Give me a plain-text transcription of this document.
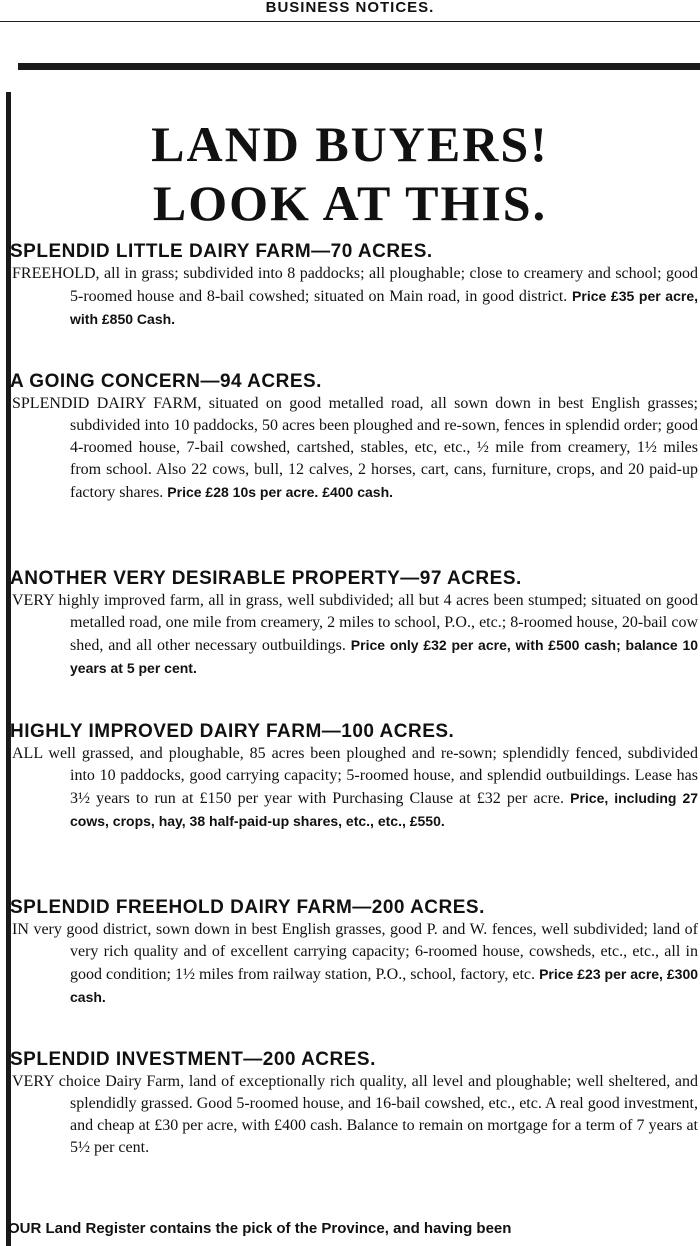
BUSINESS NOTICES.
LAND BUYERS!
LOOK AT THIS.
SPLENDID LITTLE DAIRY FARM—70 ACRES.
FREEHOLD, all in grass; subdivided into 8 paddocks; all ploughable; close to creamery and school; good 5-roomed house and 8-bail cowshed; situated on Main road, in good district. Price £35 per acre, with £850 Cash.
A GOING CONCERN—94 ACRES.
SPLENDID DAIRY FARM, situated on good metalled road, all sown down in best English grasses; subdivided into 10 paddocks, 50 acres been ploughed and re-sown, fences in splendid order; good 4-roomed house, 7-bail cowshed, cartshed, stables, etc, etc., ½ mile from creamery, 1½ miles from school. Also 22 cows, bull, 12 calves, 2 horses, cart, cans, furniture, crops, and 20 paid-up factory shares. Price £28 10s per acre. £400 cash.
ANOTHER VERY DESIRABLE PROPERTY—97 ACRES.
VERY highly improved farm, all in grass, well subdivided; all but 4 acres been stumped; situated on good metalled road, one mile from creamery, 2 miles to school, P.O., etc.; 8-roomed house, 20-bail cow shed, and all other necessary outbuildings. Price only £32 per acre, with £500 cash; balance 10 years at 5 per cent.
HIGHLY IMPROVED DAIRY FARM—100 ACRES.
ALL well grassed, and ploughable, 85 acres been ploughed and re-sown; splendidly fenced, subdivided into 10 paddocks, good carrying capacity; 5-roomed house, and splendid outbuildings. Lease has 3½ years to run at £150 per year with Purchasing Clause at £32 per acre. Price, including 27 cows, crops, hay, 38 half-paid-up shares, etc., etc., £550.
SPLENDID FREEHOLD DAIRY FARM—200 ACRES.
IN very good district, sown down in best English grasses, good P. and W. fences, well subdivided; land of very rich quality and of excellent carrying capacity; 6-roomed house, cowsheds, etc., etc., all in good condition; 1½ miles from railway station, P.O., school, factory, etc. Price £23 per acre, £300 cash.
SPLENDID INVESTMENT—200 ACRES.
VERY choice Dairy Farm, land of exceptionally rich quality, all level and ploughable; well sheltered, and splendidly grassed. Good 5-roomed house, and 16-bail cowshed, etc., etc. A real good investment, and cheap at £30 per acre, with £400 cash. Balance to remain on mortgage for a term of 7 years at 5½ per cent.
OUR Land Register contains the pick of the Province, and having been
